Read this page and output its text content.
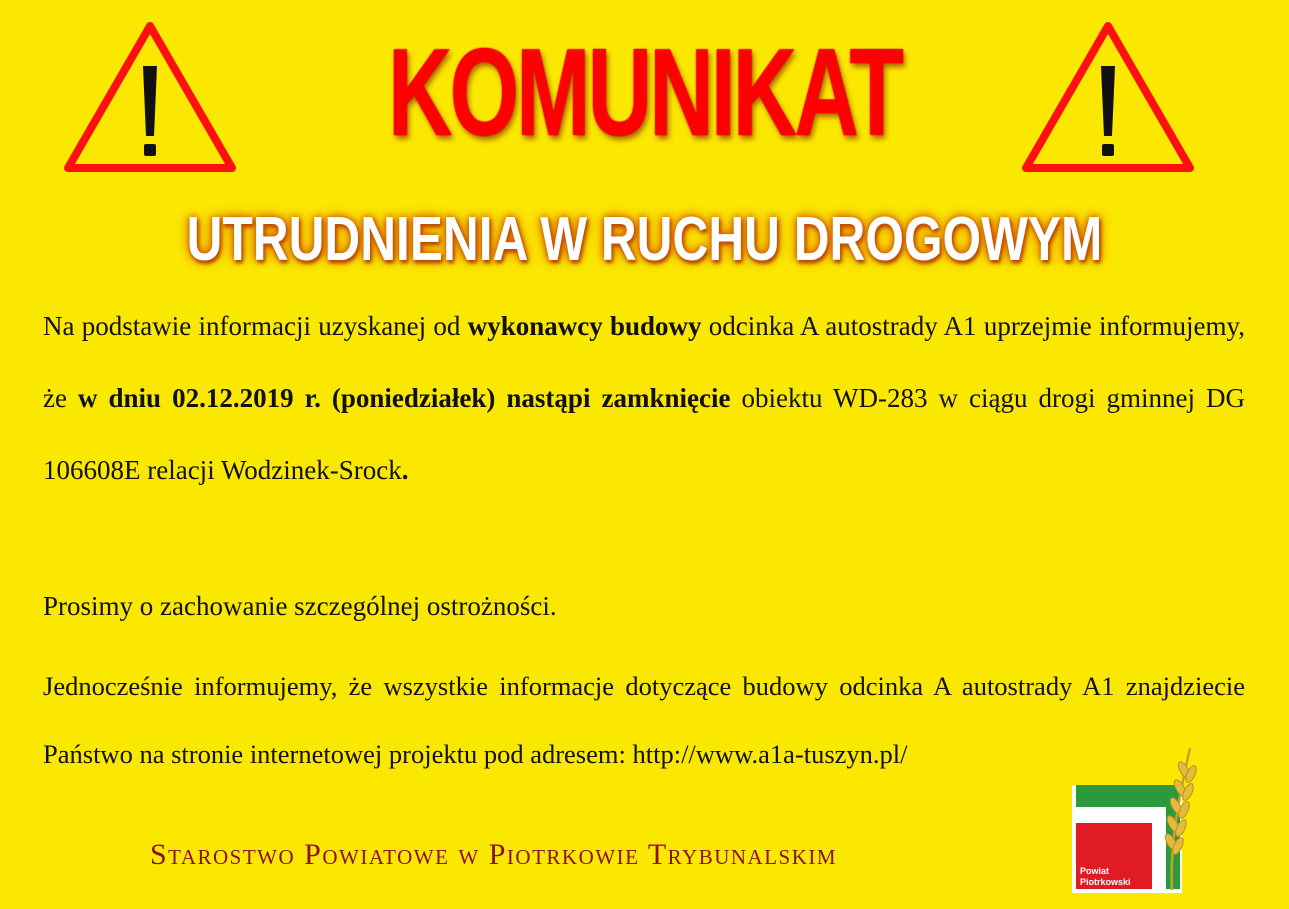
KOMUNIKAT
UTRUDNIENIA W RUCHU DROGOWYM
Na podstawie informacji uzyskanej od wykonawcy budowy odcinka A autostrady A1 uprzejmie informujemy, że w dniu 02.12.2019 r. (poniedziałek) nastąpi zamknięcie obiektu WD-283 w ciągu drogi gminnej DG 106608E relacji Wodzinek-Srock.
Prosimy o zachowanie szczególnej ostrożności.
Jednocześnie informujemy, że wszystkie informacje dotyczące budowy odcinka A autostrady A1 znajdziecie Państwo na stronie internetowej projektu pod adresem: http://www.a1a-tuszyn.pl/
Starostwo Powiatowe w Piotrkowie Trybunalskim	Powiat
Piotrkowski
